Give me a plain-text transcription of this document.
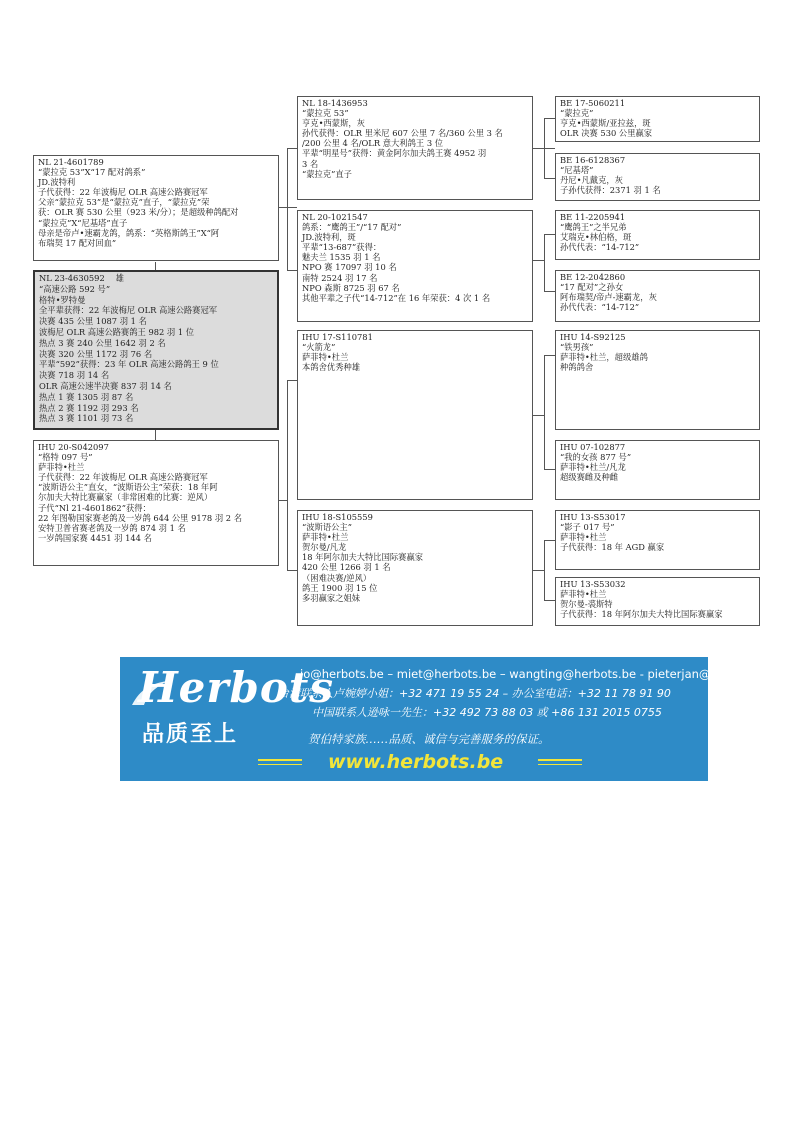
NL 23-4630592　 雄
“高速公路 592 号”
格特•罗特曼
全平辈获得：22 年波梅尼 OLR 高速公路赛冠军
决赛 435 公里 1087 羽 1 名
波梅尼 OLR 高速公路赛鸽王 982 羽 1 位
热点 3 赛 240 公里 1642 羽 2 名
决赛 320 公里 1172 羽 76 名
平辈“592”获得：23 年 OLR 高速公路鸽王 9 位
决赛 718 羽 14 名
OLR 高速公速半决赛 837 羽 14 名
热点 1 赛 1305 羽 87 名
热点 2 赛 1192 羽 293 名
热点 3 赛 1101 羽 73 名
NL 21-4601789
“蒙拉克 53”X“17 配对鸽系”
JD.波特利
子代获得：22 年波梅尼 OLR 高速公路赛冠军
父亲“蒙拉克 53”是“蒙拉克”直子，“蒙拉克”荣
获：OLR 赛 530 公里（923 米/分）；是超级种鸽配对
“蒙拉克”X“尼基塔”直子
母亲是帝卢•速霸龙鸽，鸽系：“英格斯鸽王”X“阿
布瑞契 17 配对回血”
IHU 20-S042097
“格特 097 号”
萨菲特•杜兰
子代获得：22 年波梅尼 OLR 高速公路赛冠军
“波斯语公主”直女，“波斯语公主”荣获：18 年阿
尔加夫大特比赛赢家（非常困难的比赛：逆风）
子代“Nl 21-4601862”获得：
22 年图勒国家赛老鸽及一岁鸽 644 公里 9178 羽 2 名
安特卫普省赛老鸽及一岁鸽 874 羽 1 名
一岁鸽国家赛 4451 羽 144 名
NL 18-1436953
“蒙拉克 53”
亨克•西蒙斯，灰
孙代获得：OLR 里米尼 607 公里 7 名/360 公里 3 名
/200 公里 4 名/OLR 意大利鸽王 3 位
平辈“明星号”获得：黄金阿尔加夫鸽王赛 4952 羽
3 名
“蒙拉克”直子
NL 20-1021547
鸽系：“鹰鸽王”/“17 配对”
JD.波特利，斑
平辈“13-687”获得：
魅夫兰 1535 羽 1 名
NPO 赛 17097 羽 10 名
南特 2524 羽 17 名
NPO 森斯 8725 羽 67 名
其他平辈之子代“14-712”在 16 年荣获：4 次 1 名
IHU 17-S110781
“火箭龙”
萨菲特•杜兰
本鸽舍优秀种雄
IHU 18-S105559
“波斯语公主”
萨菲特•杜兰
贺尔曼/凡龙
18 年阿尔加夫大特比国际赛赢家
420 公里 1266 羽 1 名
（困难决赛/逆风）
鸽王 1900 羽 15 位
多羽赢家之姐妹
BE 17-5060211
“蒙拉克”
亨克•西蒙斯/亚拉兹，斑
OLR 决赛 530 公里赢家
BE 16-6128367
“尼基塔”
丹尼•凡戴克，灰
子孙代获得：2371 羽 1 名
BE 11-2205941
“鹰鸽王”之半兄弟
艾瑞克•林伯格，斑
孙代代表：“14-712”
BE 12-2042860
“17 配对”之孙女
阿布瑞契/帝卢-速霸龙，灰
孙代代表：“14-712”
IHU 14-S92125
“铁男孩”
萨菲特•杜兰，超级雄鸽
种鸽鸽舍
IHU 07-102877
“我的女孩 877 号”
萨菲特•杜兰/凡龙
超级赛雌及种雌
IHU 13-S53017
“影子 017 号”
萨菲特•杜兰
子代获得：18 年 AGD 赢家
IHU 13-S53032
萨菲特•杜兰
贺尔曼-裘斯特
子代获得：18 年阿尔加夫大特比国际赛赢家
Herbots
品质至上
jo@herbots.be – miet@herbots.be – wangting@herbots.be - pieterjan@herbots.be
台湾联系人卢婉婷小姐：+32 471 19 55 24 – 办公室电话：+32 11 78 91 90
中国联系人逊咏一先生：+32 492 73 88 03 或 +86 131 2015 0755
贺伯特家族……品质、诚信与完善服务的保证。
www.herbots.be
